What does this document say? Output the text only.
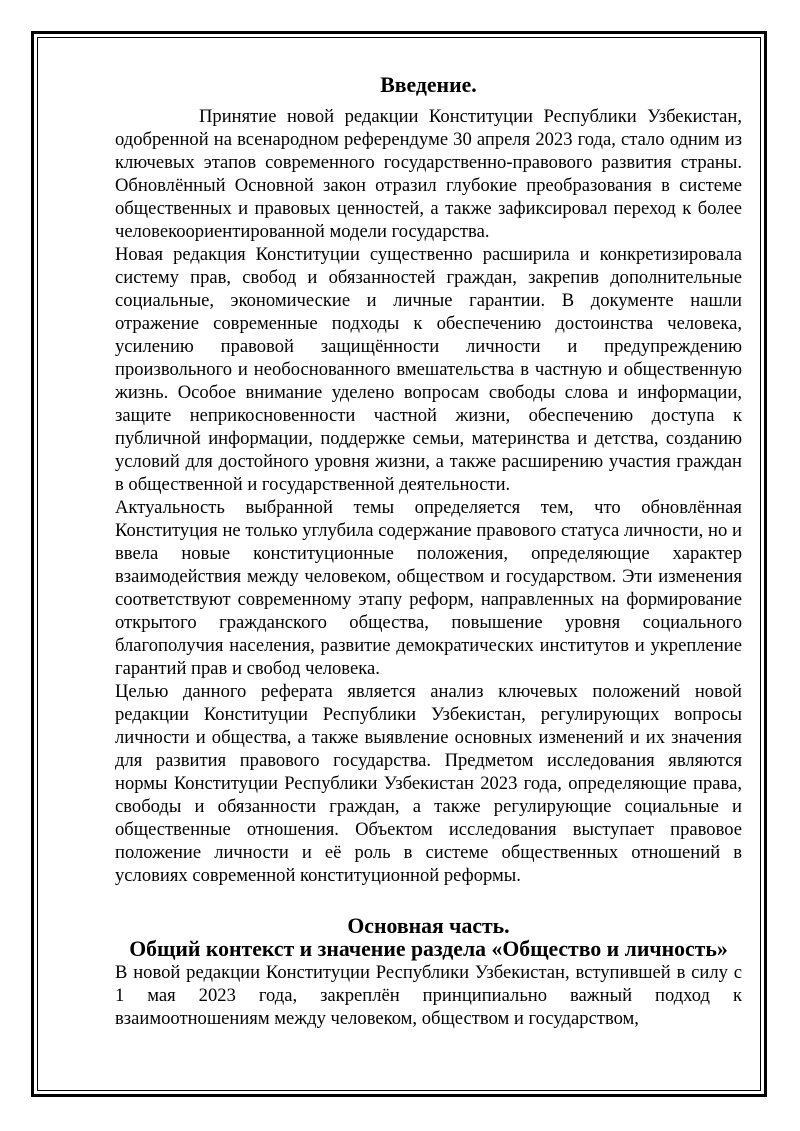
Введение.

Принятие новой редакции Конституции Республики Узбекистан, одобренной на всенародном референдуме 30 апреля 2023 года, стало одним из ключевых этапов современного государственно-правового развития страны. Обновлённый Основной закон отразил глубокие преобразования в системе общественных и правовых ценностей, а также зафиксировал переход к более человекоориентированной модели государства.

Новая редакция Конституции существенно расширила и конкретизировала систему прав, свобод и обязанностей граждан, закрепив дополнительные социальные, экономические и личные гарантии. В документе нашли отражение современные подходы к обеспечению достоинства человека, усилению правовой защищённости личности и предупреждению произвольного и необоснованного вмешательства в частную и общественную жизнь. Особое внимание уделено вопросам свободы слова и информации, защите неприкосновенности частной жизни, обеспечению доступа к публичной информации, поддержке семьи, материнства и детства, созданию условий для достойного уровня жизни, а также расширению участия граждан в общественной и государственной деятельности.

Актуальность выбранной темы определяется тем, что обновлённая Конституция не только углубила содержание правового статуса личности, но и ввела новые конституционные положения, определяющие характер взаимодействия между человеком, обществом и государством. Эти изменения соответствуют современному этапу реформ, направленных на формирование открытого гражданского общества, повышение уровня социального благополучия населения, развитие демократических институтов и укрепление гарантий прав и свобод человека.

Целью данного реферата является анализ ключевых положений новой редакции Конституции Республики Узбекистан, регулирующих вопросы личности и общества, а также выявление основных изменений и их значения для развития правового государства. Предметом исследования являются нормы Конституции Республики Узбекистан 2023 года, определяющие права, свободы и обязанности граждан, а также регулирующие социальные и общественные отношения. Объектом исследования выступает правовое положение личности и её роль в системе общественных отношений в условиях современной конституционной реформы.

Основная часть.
Общий контекст и значение раздела «Общество и личность»

В новой редакции Конституции Республики Узбекистан, вступившей в силу с 1 мая 2023 года, закреплён принципиально важный подход к взаимоотношениям между человеком, обществом и государством,
